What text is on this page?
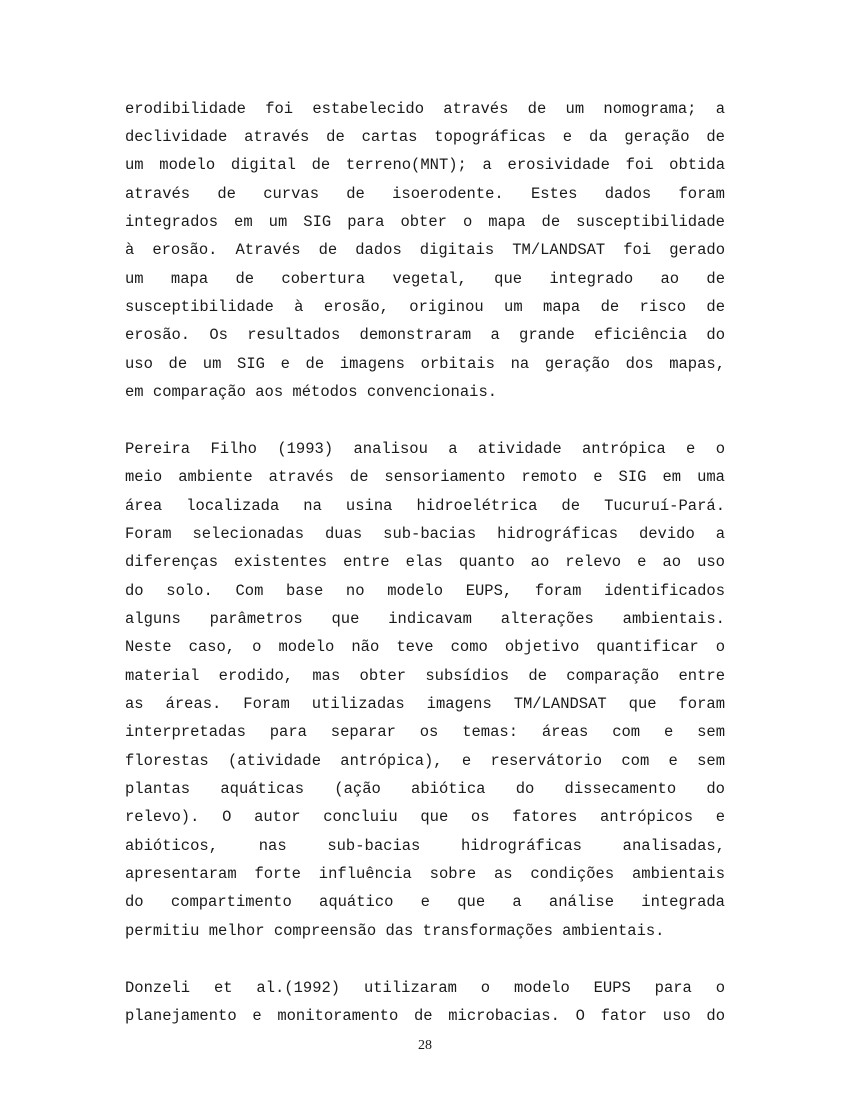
erodibilidade foi estabelecido através de um nomograma; a
declividade através de cartas topográficas e da geração de
um modelo digital de terreno(MNT); a erosividade foi obtida
através de curvas de isoerodente. Estes dados foram
integrados em um SIG para obter o mapa de susceptibilidade
à erosão. Através de dados digitais TM/LANDSAT foi gerado
um mapa de cobertura vegetal, que integrado ao de
susceptibilidade à erosão, originou um mapa de risco de
erosão. Os resultados demonstraram a grande eficiência do
uso de um SIG e de imagens orbitais na geração dos mapas,
em comparação aos métodos convencionais.
Pereira Filho (1993) analisou a atividade antrópica e o
meio ambiente através de sensoriamento remoto e SIG em uma
área localizada na usina hidroelétrica de Tucuruí-Pará.
Foram selecionadas duas sub-bacias hidrográficas devido a
diferenças existentes entre elas quanto ao relevo e ao uso
do solo. Com base no modelo EUPS, foram identificados
alguns parâmetros que indicavam alterações ambientais.
Neste caso, o modelo não teve como objetivo quantificar o
material erodido, mas obter subsídios de comparação entre
as áreas. Foram utilizadas imagens TM/LANDSAT que foram
interpretadas para separar os temas: áreas com e sem
florestas (atividade antrópica), e reservátorio com e sem
plantas aquáticas (ação abiótica do dissecamento do
relevo). O autor concluiu que os fatores antrópicos e
abióticos, nas sub-bacias hidrográficas analisadas,
apresentaram forte influência sobre as condições ambientais
do compartimento aquático e que a análise integrada
permitiu melhor compreensão das transformações ambientais.
Donzeli et al.(1992) utilizaram o modelo EUPS para o
planejamento e monitoramento de microbacias. O fator uso do
28
